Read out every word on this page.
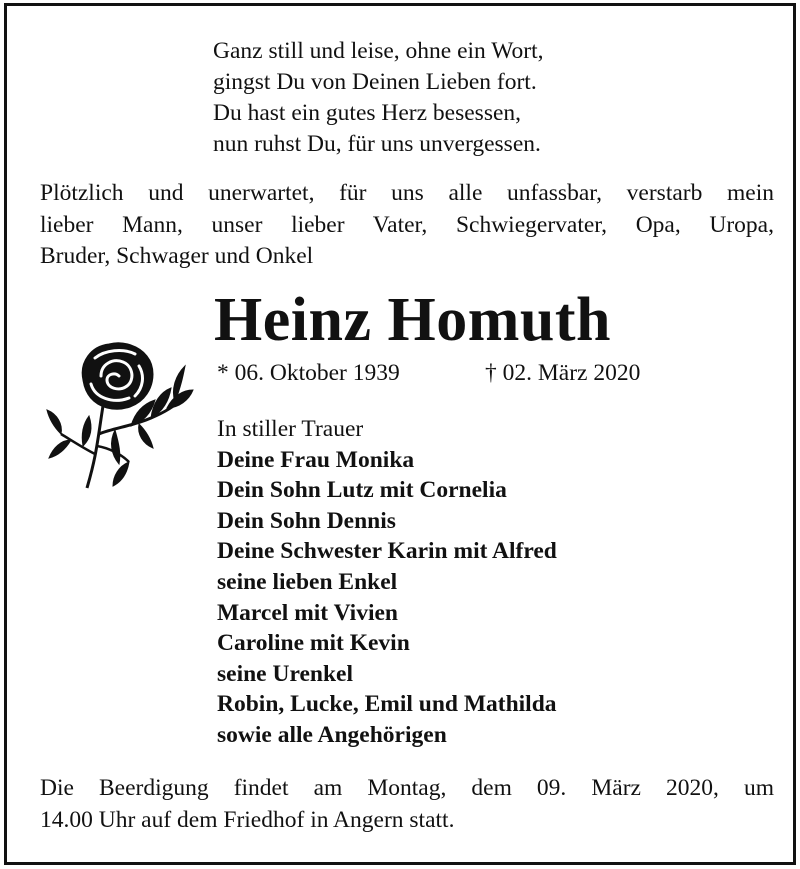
Ganz still und leise, ohne ein Wort,
gingst Du von Deinen Lieben fort.
Du hast ein gutes Herz besessen,
nun ruhst Du, für uns unvergessen.

Plötzlich und unerwartet, für uns alle unfassbar, verstarb mein
lieber Mann, unser lieber Vater, Schwiegervater, Opa, Uropa,
Bruder, Schwager und Onkel

Heinz Homuth
* 06. Oktober 1939	† 02. März 2020
In stiller Trauer
Deine Frau Monika
Dein Sohn Lutz mit Cornelia
Dein Sohn Dennis
Deine Schwester Karin mit Alfred
seine lieben Enkel
Marcel mit Vivien
Caroline mit Kevin
seine Urenkel
Robin, Lucke, Emil und Mathilda
sowie alle Angehörigen

Die Beerdigung findet am Montag, dem 09. März 2020, um
14.00 Uhr auf dem Friedhof in Angern statt.
